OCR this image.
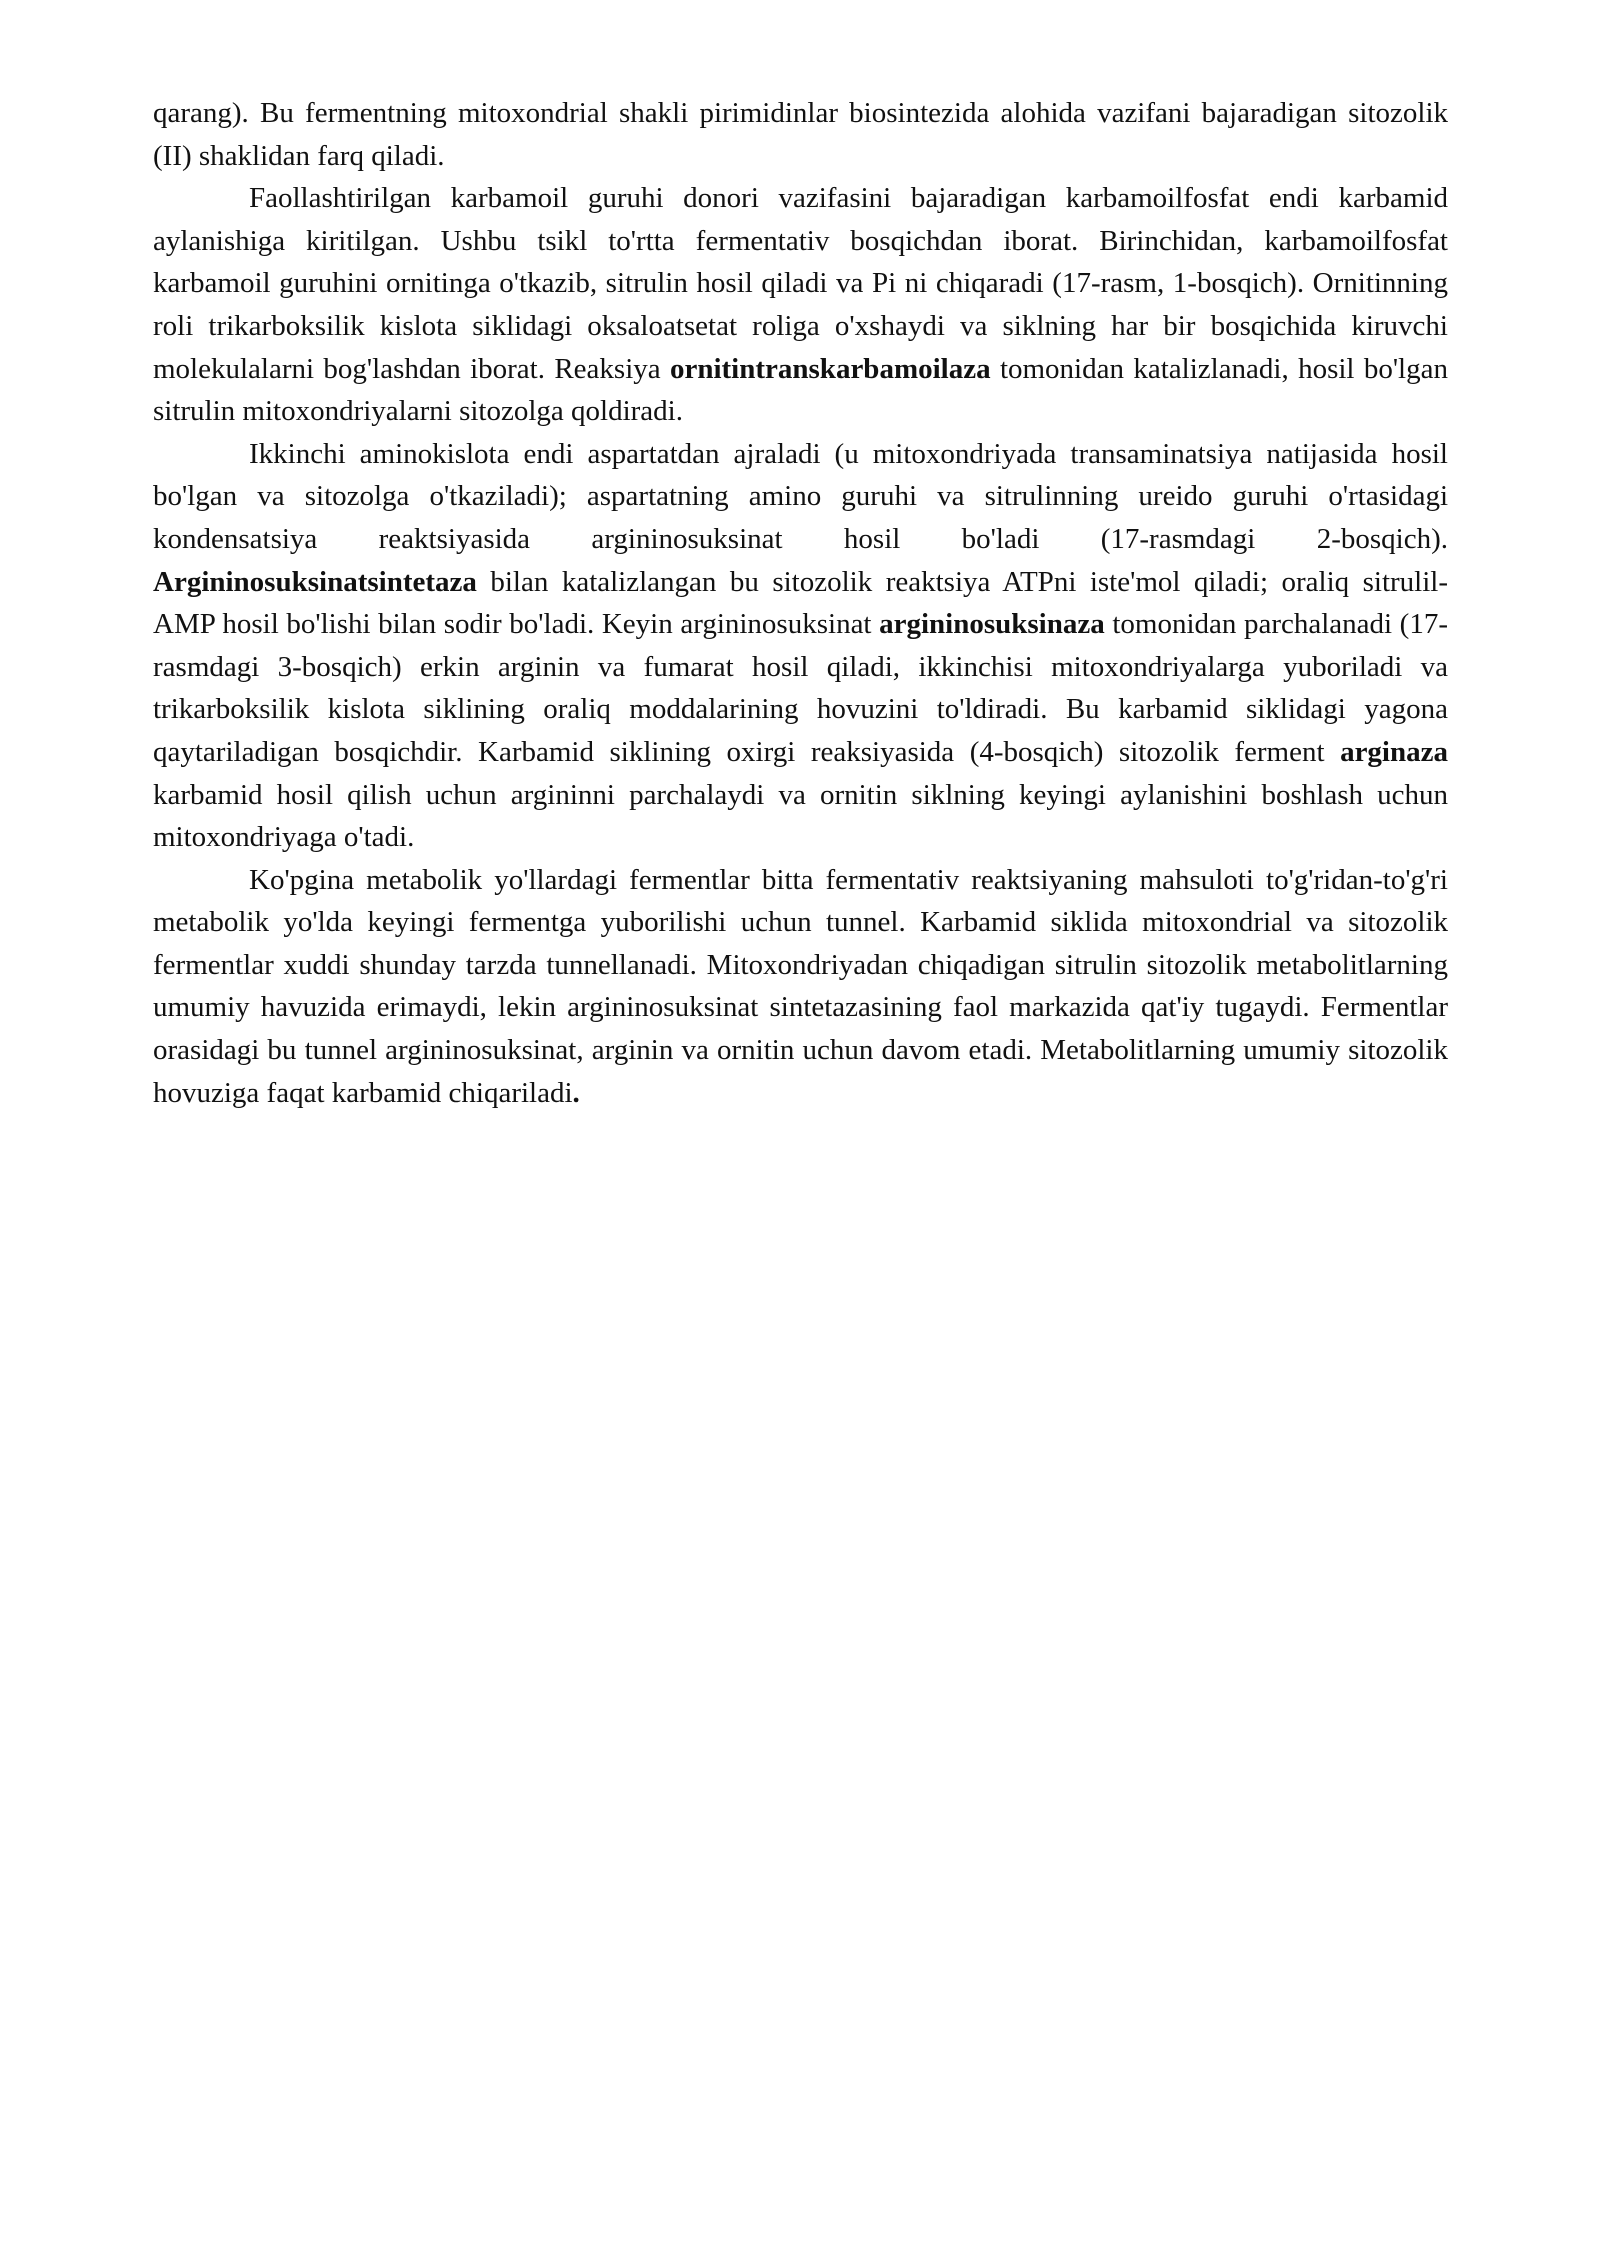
qarang). Bu fermentning mitoxondrial shakli pirimidinlar biosintezida alohida vazifani bajaradigan sitozolik (II) shaklidan farq qiladi.

Faollashtirilgan karbamoil guruhi donori vazifasini bajaradigan karbamoilfosfat endi karbamid aylanishiga kiritilgan. Ushbu tsikl to'rtta fermentativ bosqichdan iborat. Birinchidan, karbamoilfosfat karbamoil guruhini ornitinga o'tkazib, sitrulin hosil qiladi va Pi ni chiqaradi (17-rasm, 1-bosqich). Ornitinning roli trikarboksilik kislota siklidagi oksaloatsetat roliga o'xshaydi va siklning har bir bosqichida kiruvchi molekulalarni bog'lashdan iborat. Reaksiya ornitintranskarbamoilaza tomonidan katalizlanadi, hosil bo'lgan sitrulin mitoxondriyalarni sitozolga qoldiradi.

Ikkinchi aminokislota endi aspartatdan ajraladi (u mitoxondriyada transaminatsiya natijasida hosil bo'lgan va sitozolga o'tkaziladi); aspartatning amino guruhi va sitrulinning ureido guruhi o'rtasidagi kondensatsiya reaktsiyasida argininosuksinat hosil bo'ladi (17-rasmdagi 2-bosqich). Argininosuksinatsintetaza bilan katalizlangan bu sitozolik reaktsiya ATPni iste'mol qiladi; oraliq sitrulil-AMP hosil bo'lishi bilan sodir bo'ladi. Keyin argininosuksinat argininosuksinaza tomonidan parchalanadi (17-rasmdagi 3-bosqich) erkin arginin va fumarat hosil qiladi, ikkinchisi mitoxondriyalarga yuboriladi va trikarboksilik kislota siklining oraliq moddalarining hovuzini to'ldiradi. Bu karbamid siklidagi yagona qaytariladigan bosqichdir. Karbamid siklining oxirgi reaksiyasida (4-bosqich) sitozolik ferment arginaza karbamid hosil qilish uchun argininni parchalaydi va ornitin siklning keyingi aylanishini boshlash uchun mitoxondriyaga o'tadi.

Ko'pgina metabolik yo'llardagi fermentlar bitta fermentativ reaktsiyaning mahsuloti to'g'ridan-to'g'ri metabolik yo'lda keyingi fermentga yuborilishi uchun tunnel. Karbamid siklida mitoxondrial va sitozolik fermentlar xuddi shunday tarzda tunnellanadi. Mitoxondriyadan chiqadigan sitrulin sitozolik metabolitlarning umumiy havuzida erimaydi, lekin argininosuksinat sintetazasining faol markazida qat'iy tugaydi. Fermentlar orasidagi bu tunnel argininosuksinat, arginin va ornitin uchun davom etadi. Metabolitlarning umumiy sitozolik hovuziga faqat karbamid chiqariladi.
